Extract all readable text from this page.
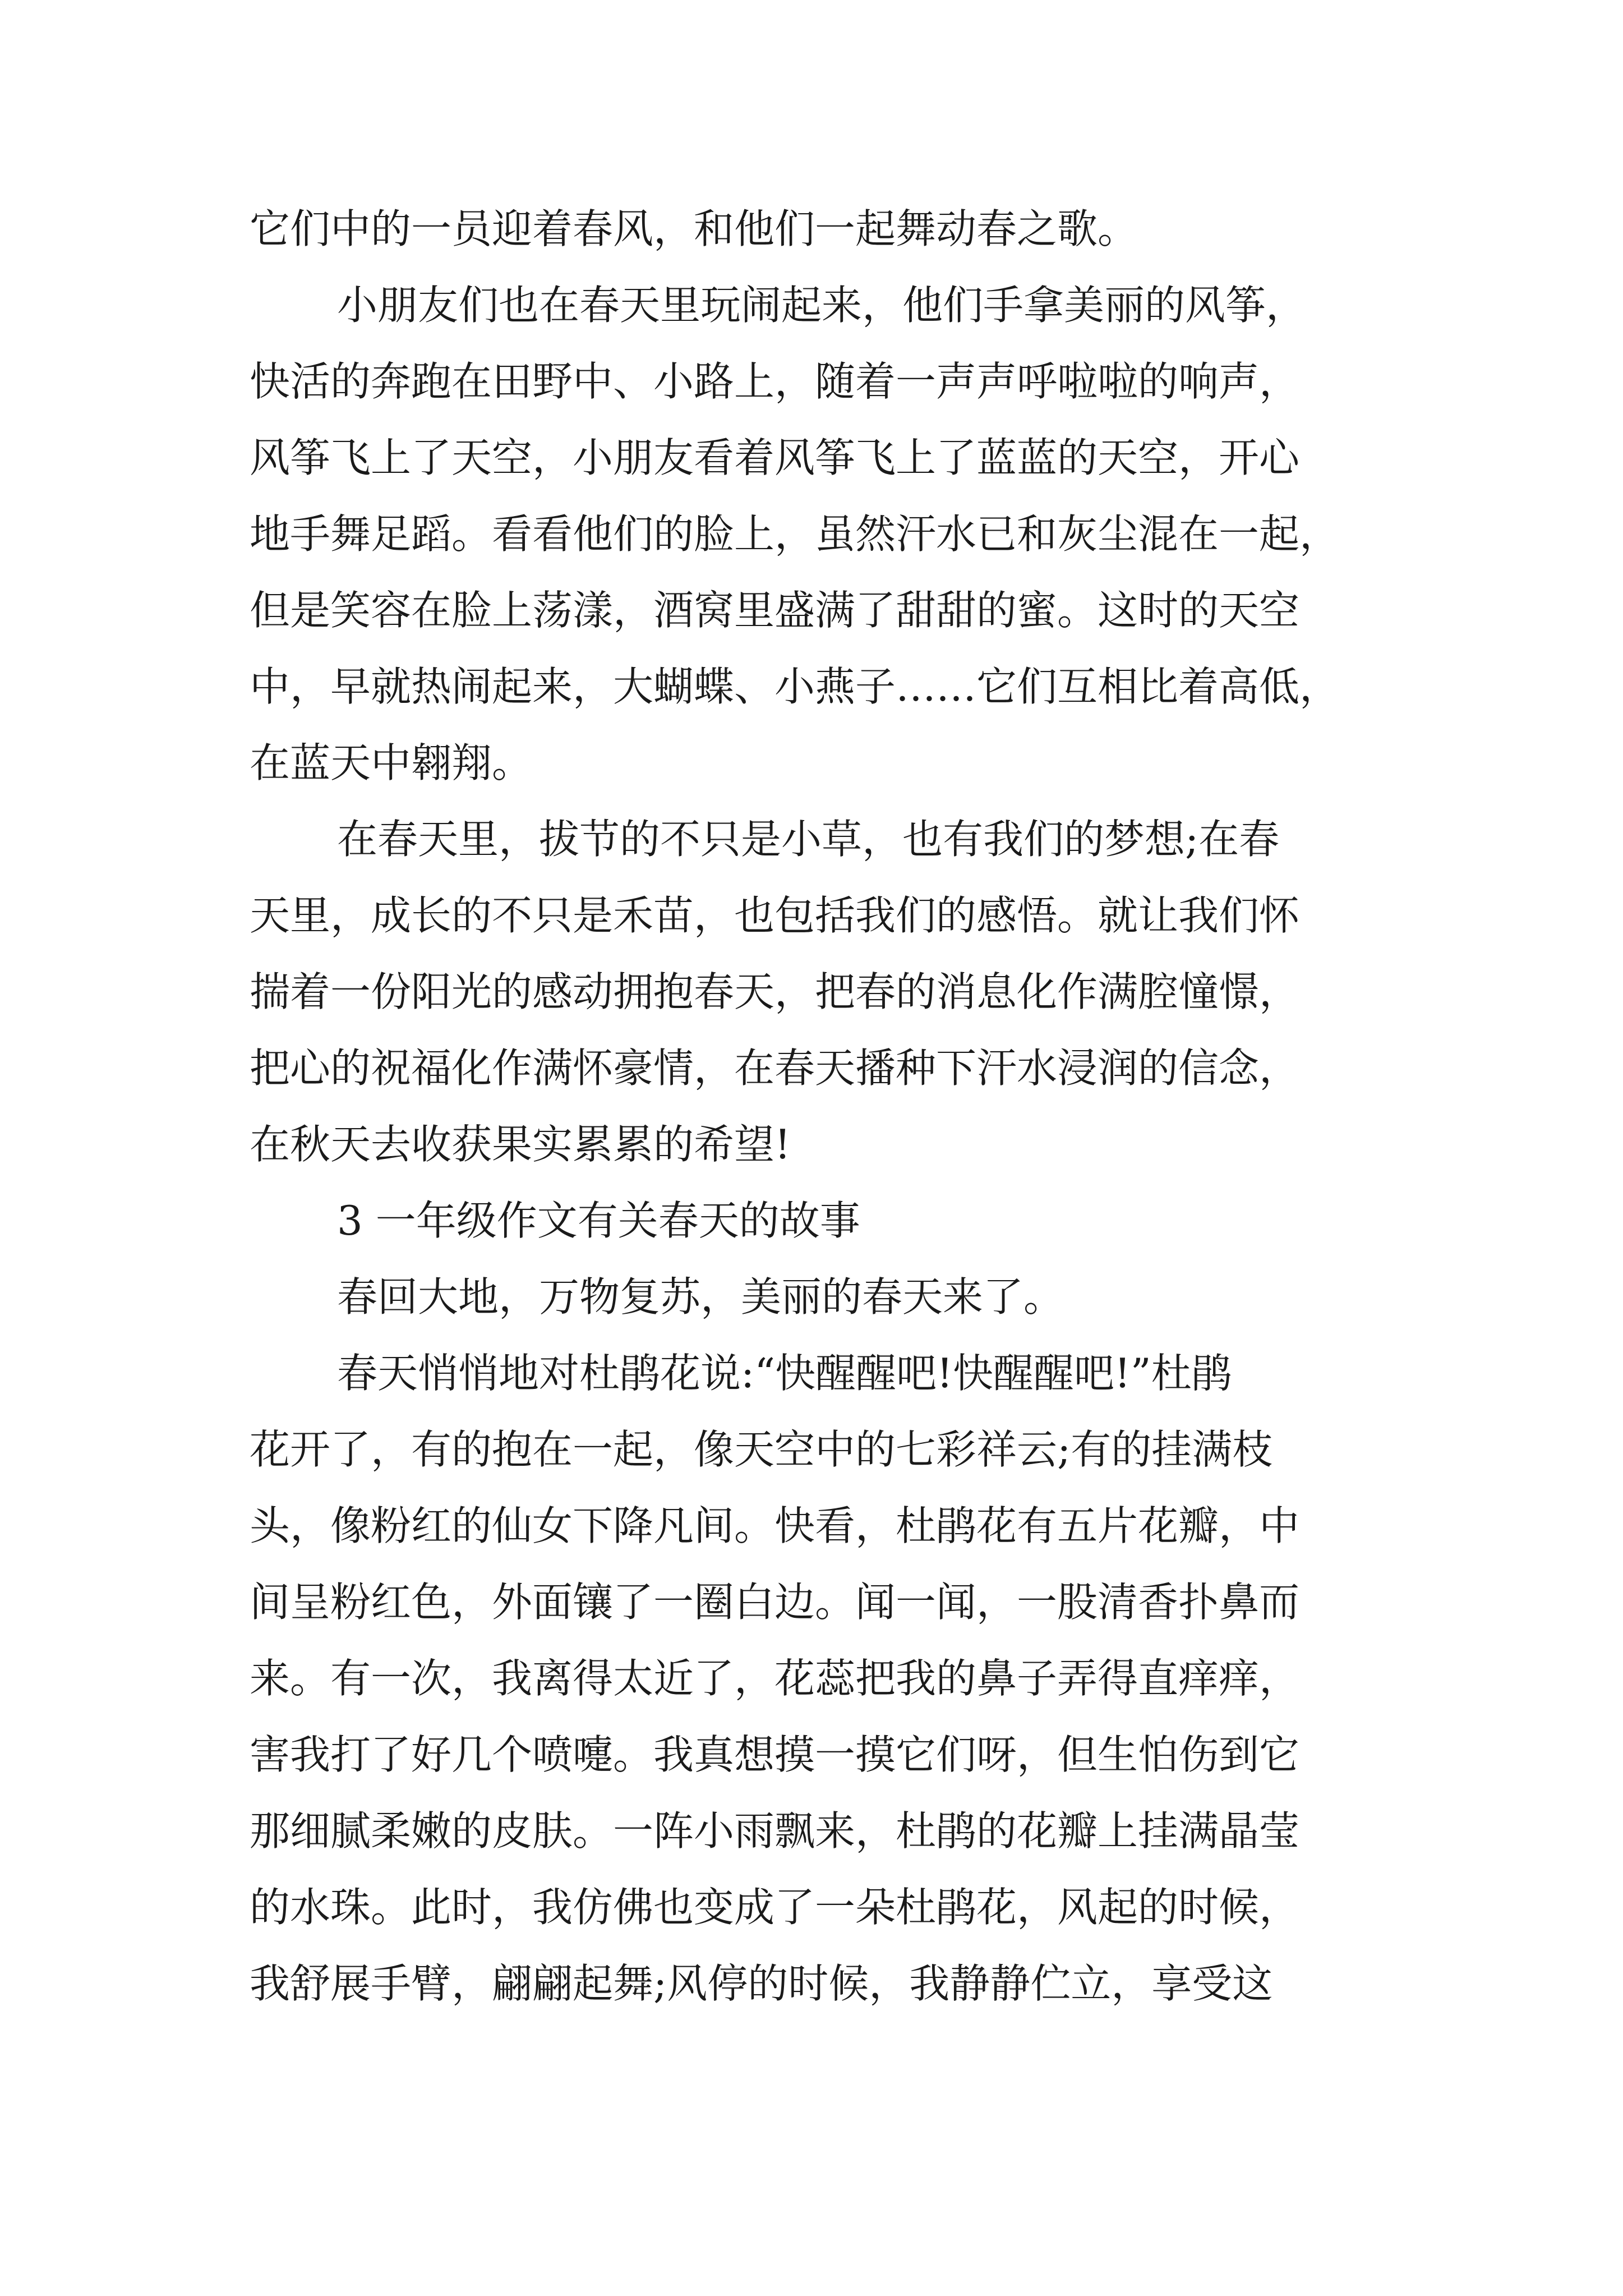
它们中的一员迎着春风，和他们一起舞动春之歌。
小朋友们也在春天里玩闹起来，他们手拿美丽的风筝，
快活的奔跑在田野中、小路上，随着一声声呼啦啦的响声，
风筝飞上了天空，小朋友看着风筝飞上了蓝蓝的天空，开心
地手舞足蹈。看看他们的脸上，虽然汗水已和灰尘混在一起，
但是笑容在脸上荡漾，酒窝里盛满了甜甜的蜜。这时的天空
中，早就热闹起来，大蝴蝶、小燕子……它们互相比着高低，
在蓝天中翱翔。
在春天里，拔节的不只是小草，也有我们的梦想;在春
天里，成长的不只是禾苗，也包括我们的感悟。就让我们怀
揣着一份阳光的感动拥抱春天，把春的消息化作满腔憧憬，
把心的祝福化作满怀豪情，在春天播种下汗水浸润的信念，
在秋天去收获果实累累的希望!
3 一年级作文有关春天的故事
春回大地，万物复苏，美丽的春天来了。
春天悄悄地对杜鹃花说:“快醒醒吧!快醒醒吧!”杜鹃
花开了，有的抱在一起，像天空中的七彩祥云;有的挂满枝
头，像粉红的仙女下降凡间。快看，杜鹃花有五片花瓣，中
间呈粉红色，外面镶了一圈白边。闻一闻，一股清香扑鼻而
来。有一次，我离得太近了，花蕊把我的鼻子弄得直痒痒，
害我打了好几个喷嚏。我真想摸一摸它们呀，但生怕伤到它
那细腻柔嫩的皮肤。一阵小雨飘来，杜鹃的花瓣上挂满晶莹
的水珠。此时，我仿佛也变成了一朵杜鹃花，风起的时候，
我舒展手臂，翩翩起舞;风停的时候，我静静伫立，享受这
